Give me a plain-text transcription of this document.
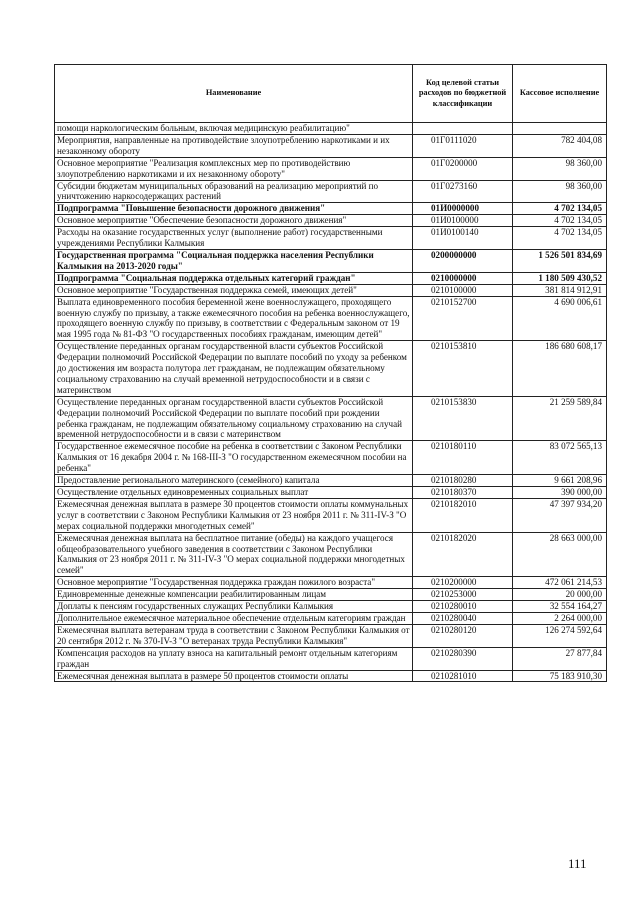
Наименование	Код целевой статьи расходов по бюджетной классификации	Кассовое исполнение
помощи наркологическим больным, включая медицинскую реабилитацию"		
Мероприятия, направленные на противодействие злоупотреблению наркотиками и их незаконному обороту	01Г0111020	782 404,08
Основное мероприятие "Реализация комплексных мер по противодействию злоупотреблению наркотиками и их незаконному обороту"	01Г0200000	98 360,00
Субсидии бюджетам муниципальных образований на реализацию мероприятий по уничтожению наркосодержащих растений	01Г0273160	98 360,00
Подпрограмма "Повышение безопасности дорожного движения"	01И0000000	4 702 134,05
Основное мероприятие "Обеспечение безопасности дорожного движения"	01И0100000	4 702 134,05
Расходы на оказание государственных услуг (выполнение работ) государственными учреждениями Республики Калмыкия	01И0100140	4 702 134,05
Государственная программа "Социальная поддержка населения Республики Калмыкия на 2013-2020 годы"	0200000000	1 526 501 834,69
Подпрограмма "Социальная поддержка отдельных категорий граждан"	0210000000	1 180 509 430,52
Основное мероприятие "Государственная поддержка семей, имеющих детей"	0210100000	381 814 912,91
Выплата единовременного пособия беременной жене военнослужащего, проходящего военную службу по призыву, а также ежемесячного пособия на ребенка военнослужащего, проходящего военную службу по призыву, в соответствии с Федеральным законом от 19 мая 1995 года № 81-ФЗ "О государственных пособиях гражданам, имеющим детей"	0210152700	4 690 006,61
Осуществление переданных органам государственной власти субъектов Российской Федерации полномочий Российской Федерации по выплате пособий по уходу за ребенком до достижения им возраста полутора лет гражданам, не подлежащим обязательному социальному страхованию на случай временной нетрудоспособности и в связи с материнством	0210153810	186 680 608,17
Осуществление переданных органам государственной власти субъектов Российской Федерации полномочий Российской Федерации по выплате пособий при рождении ребенка гражданам, не подлежащим обязательному социальному страхованию на случай временной нетрудоспособности и в связи с материнством	0210153830	21 259 589,84
Государственное ежемесячное пособие на ребенка в соответствии с Законом Республики Калмыкия от 16 декабря 2004 г. № 168-III-З "О государственном ежемесячном пособии на ребенка"	0210180110	83 072 565,13
Предоставление регионального материнского (семейного) капитала	0210180280	9 661 208,96
Осуществление отдельных единовременных социальных выплат	0210180370	390 000,00
Ежемесячная денежная выплата в размере 30 процентов стоимости оплаты коммунальных услуг в соответствии с Законом Республики Калмыкия от 23 ноября 2011 г. № 311-IV-З "О мерах социальной поддержки многодетных семей"	0210182010	47 397 934,20
Ежемесячная денежная выплата на бесплатное питание (обеды) на каждого учащегося общеобразовательного учебного заведения в соответствии с Законом Республики Калмыкия от 23 ноября 2011 г. № 311-IV-З "О мерах социальной поддержки многодетных семей"	0210182020	28 663 000,00
Основное мероприятие "Государственная поддержка граждан пожилого возраста"	0210200000	472 061 214,53
Единовременные денежные компенсации реабилитированным лицам	0210253000	20 000,00
Доплаты к пенсиям государственных служащих Республики Калмыкия	0210280010	32 554 164,27
Дополнительное ежемесячное материальное обеспечение отдельным категориям граждан	0210280040	2 264 000,00
Ежемесячная выплата ветеранам труда в соответствии с Законом Республики Калмыкия от 20 сентября 2012 г. № 370-IV-З "О ветеранах труда Республики Калмыкия"	0210280120	126 274 592,64
Компенсация расходов на уплату взноса на капитальный ремонт отдельным категориям граждан	0210280390	27 877,84
Ежемесячная денежная выплата в размере 50 процентов стоимости оплаты	0210281010	75 183 910,30
111
